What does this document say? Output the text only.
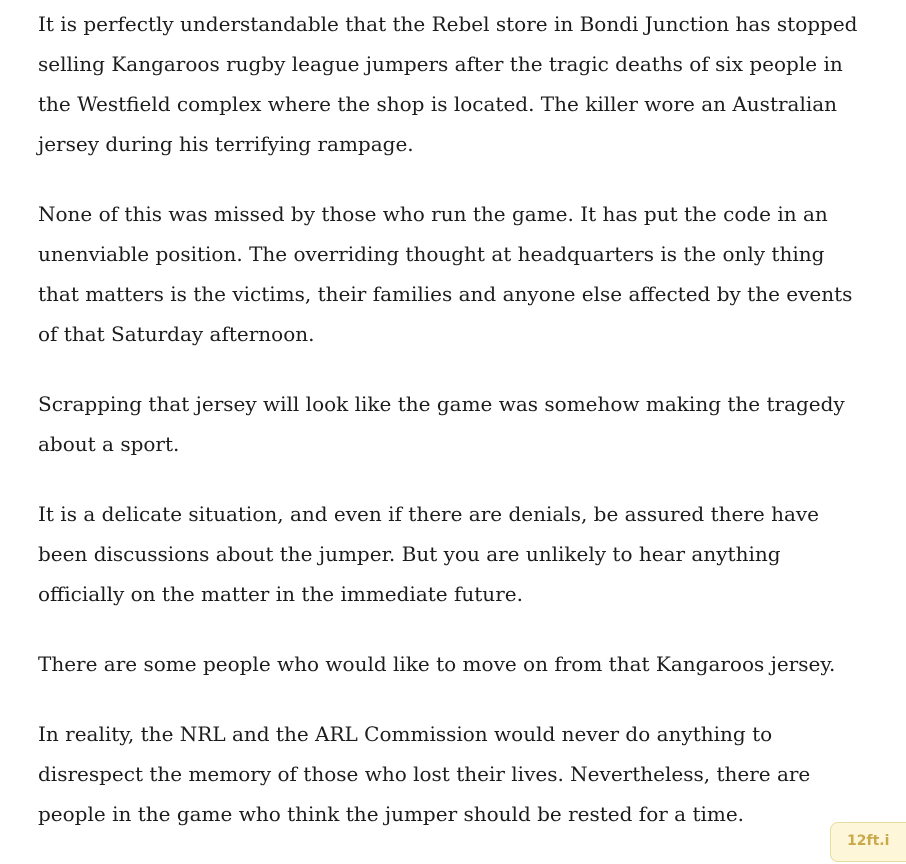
It is perfectly understandable that the Rebel store in Bondi Junction has stopped selling Kangaroos rugby league jumpers after the tragic deaths of six people in the Westfield complex where the shop is located. The killer wore an Australian jersey during his terrifying rampage.

None of this was missed by those who run the game. It has put the code in an unenviable position. The overriding thought at headquarters is the only thing that matters is the victims, their families and anyone else affected by the events of that Saturday afternoon.

Scrapping that jersey will look like the game was somehow making the tragedy about a sport.

It is a delicate situation, and even if there are denials, be assured there have been discussions about the jumper. But you are unlikely to hear anything officially on the matter in the immediate future.

There are some people who would like to move on from that Kangaroos jersey.

In reality, the NRL and the ARL Commission would never do anything to disrespect the memory of those who lost their lives. Nevertheless, there are people in the game who think the jumper should be rested for a time.

12ft.i
